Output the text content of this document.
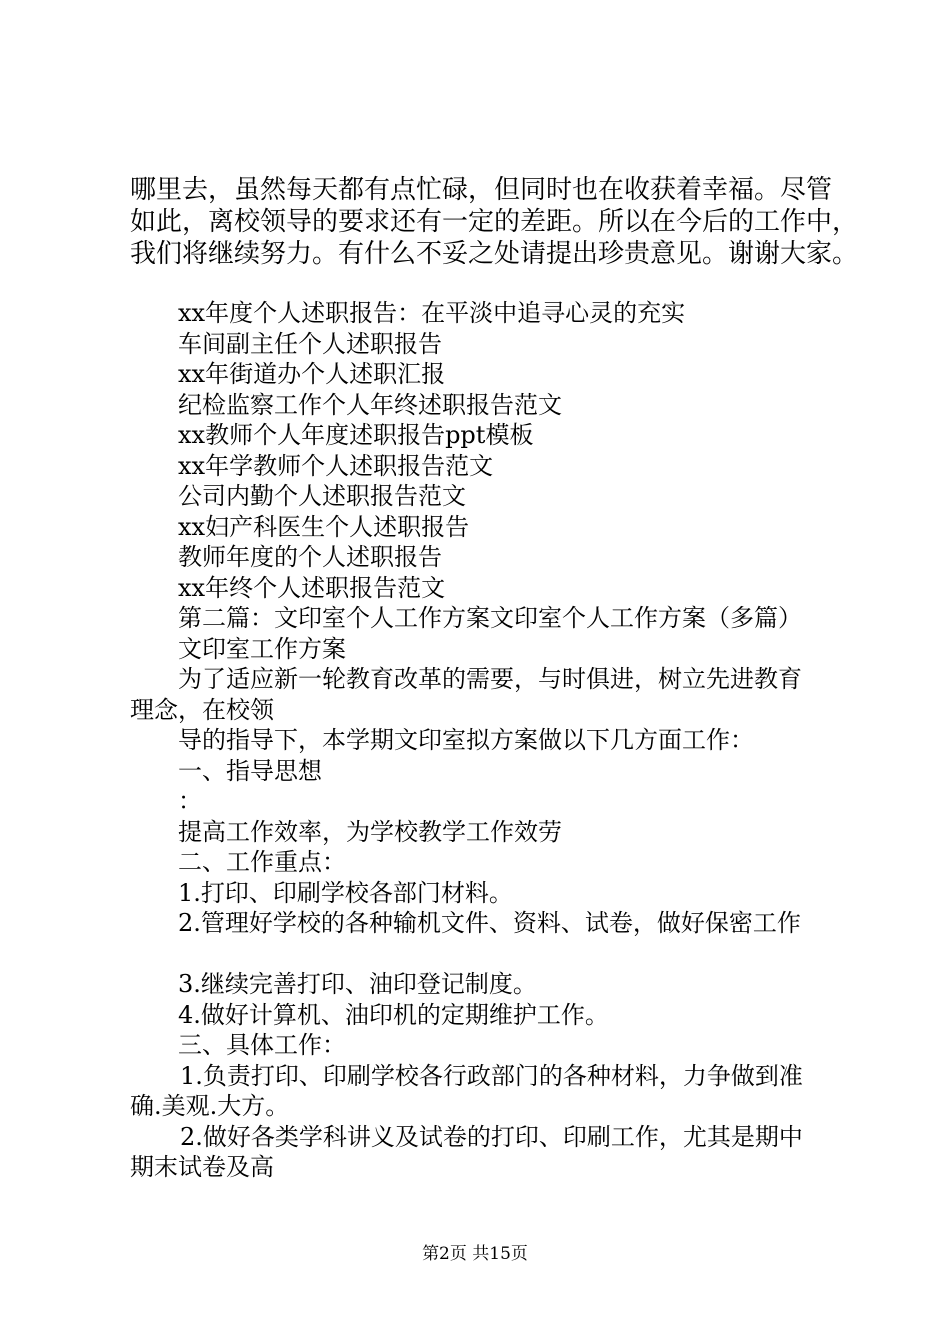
哪里去，虽然每天都有点忙碌，但同时也在收获着幸福。尽管
如此，离校领导的要求还有一定的差距。所以在今后的工作中，
我们将继续努力。有什么不妥之处请提出珍贵意见。谢谢大家。
xx年度个人述职报告：在平淡中追寻心灵的充实
车间副主任个人述职报告
xx年街道办个人述职汇报
纪检监察工作个人年终述职报告范文
xx教师个人年度述职报告ppt模板
xx年学教师个人述职报告范文
公司内勤个人述职报告范文
xx妇产科医生个人述职报告
教师年度的个人述职报告
xx年终个人述职报告范文
第二篇：文印室个人工作方案文印室个人工作方案（多篇）
文印室工作方案
为了适应新一轮教育改革的需要，与时俱进，树立先进教育
理念，在校领
导的指导下，本学期文印室拟方案做以下几方面工作：
一、指导思想
：
提高工作效率，为学校教学工作效劳
二、工作重点：
1.打印、印刷学校各部门材料。
2.管理好学校的各种输机文件、资料、试卷，做好保密工作
3.继续完善打印、油印登记制度。
4.做好计算机、油印机的定期维护工作。
三、具体工作：
1.负责打印、印刷学校各行政部门的各种材料，力争做到准
确.美观.大方。
2.做好各类学科讲义及试卷的打印、印刷工作，尤其是期中
期末试卷及高
第2页 共15页
